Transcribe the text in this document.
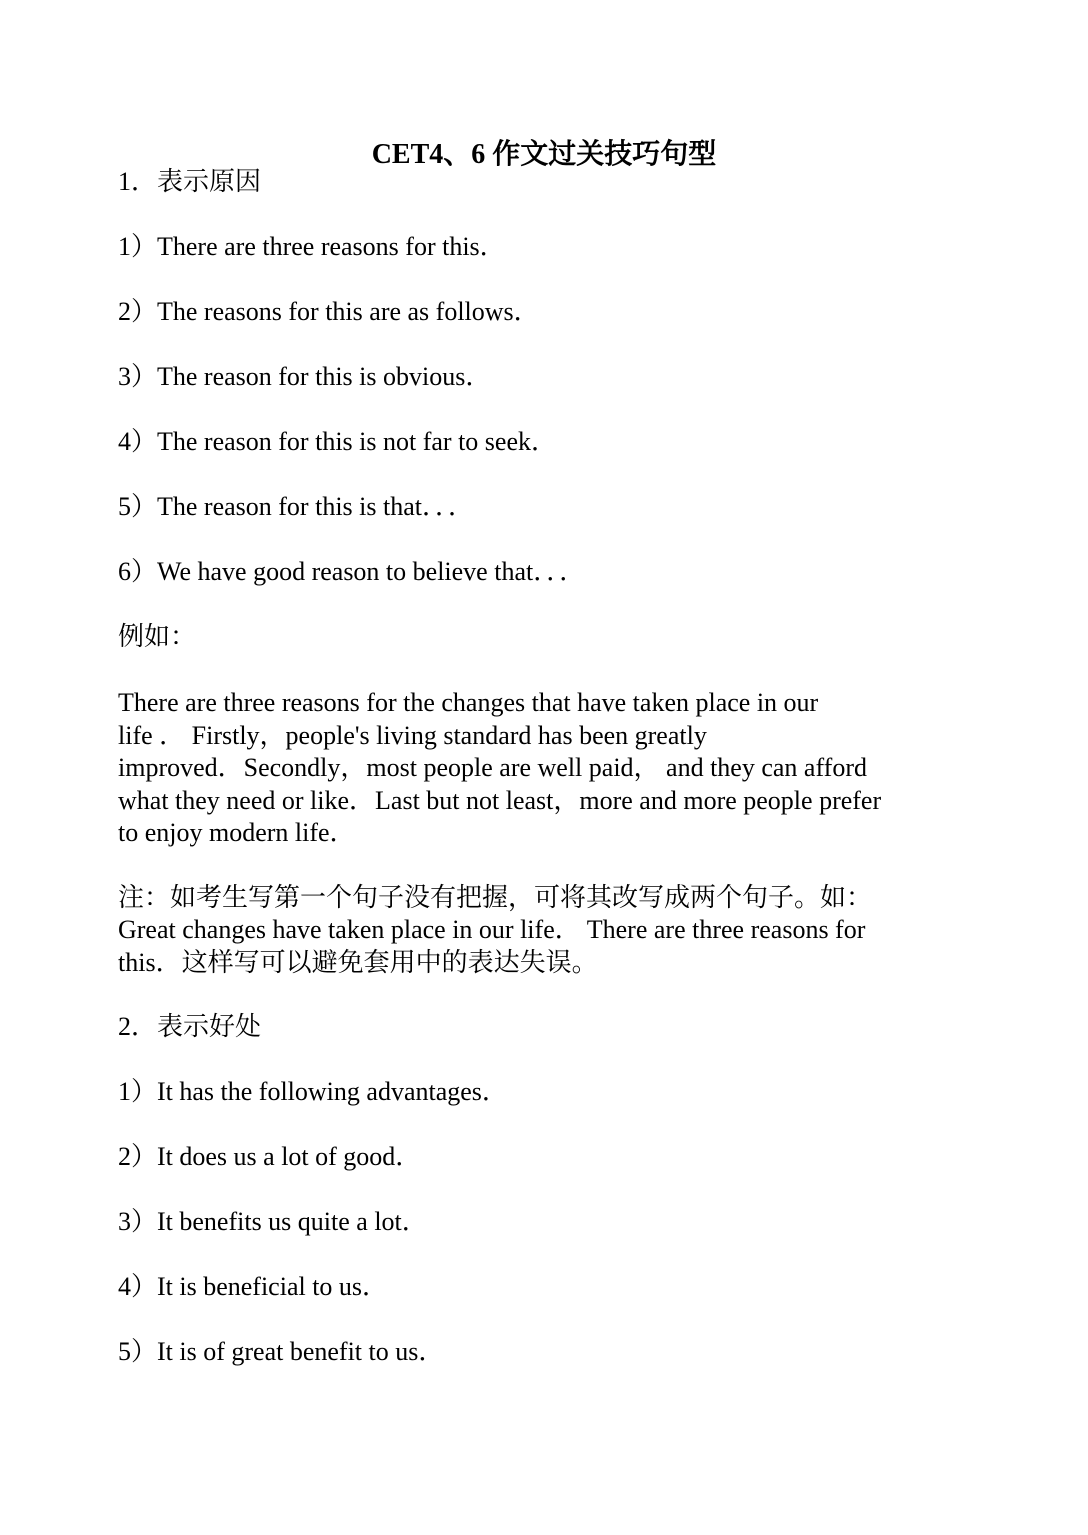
CET4、6 作文过关技巧句型
1．表示原因
1）There are three reasons for this．
2）The reasons for this are as follows．
3）The reason for this is obvious．
4）The reason for this is not far to seek．
5）The reason for this is that．．．
6）We have good reason to believe that．．．
例如：
There are three reasons for the changes that have taken place in our
life ． Firstly，people's living standard has been greatly
improved．Secondly，most people are well paid， and they can afford
what they need or like．Last but not least，more and more people prefer
to enjoy modern life．
注：如考生写第一个句子没有把握，可将其改写成两个句子。如：
Great changes have taken place in our life． There are three reasons for
this．这样写可以避免套用中的表达失误。
2．表示好处
1）It has the following advantages．
2）It does us a lot of good．
3）It benefits us quite a lot．
4）It is beneficial to us．
5）It is of great benefit to us．
